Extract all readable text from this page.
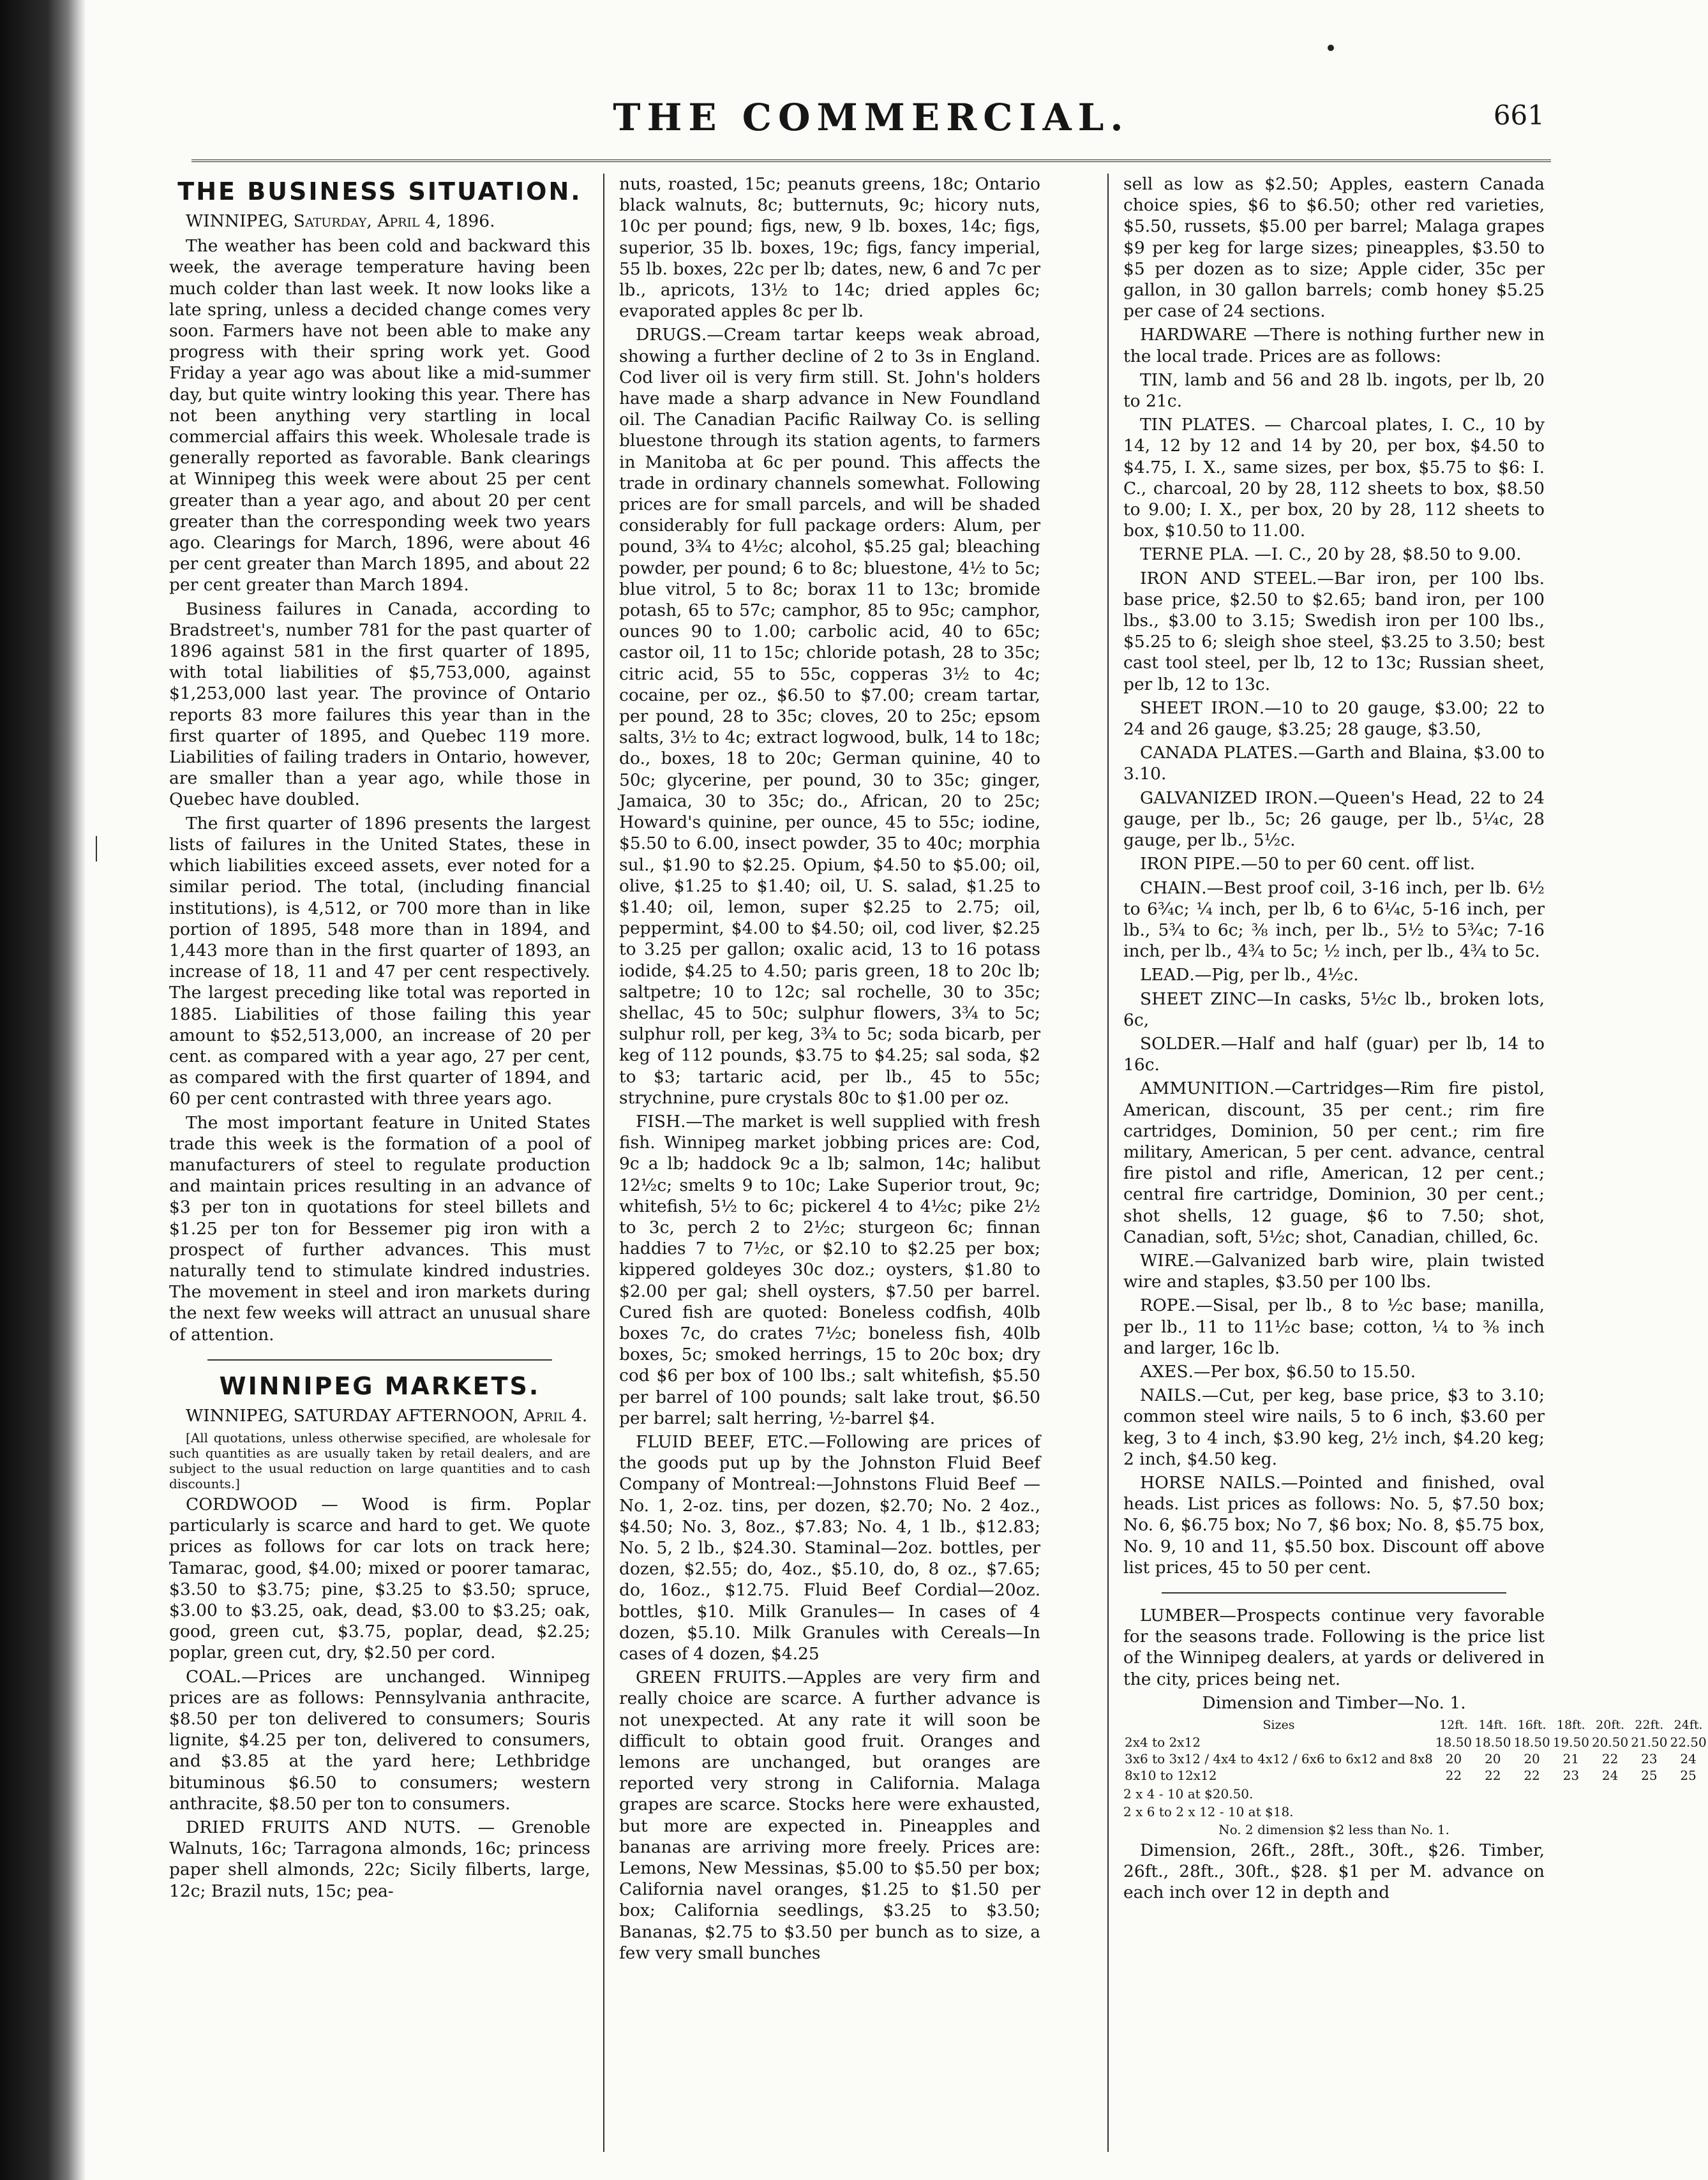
THE COMMERCIAL.	661
THE BUSINESS SITUATION.
WINNIPEG, Saturday, April 4, 1896.

The weather has been cold and backward this week, the average temperature having been much colder than last week. It now looks like a late spring, unless a decided change comes very soon. Farmers have not been able to make any progress with their spring work yet. Good Friday a year ago was about like a mid-summer day, but quite wintry looking this year. There has not been anything very startling in local commercial affairs this week. Wholesale trade is generally reported as favorable. Bank clearings at Winnipeg this week were about 25 per cent greater than a year ago, and about 20 per cent greater than the corresponding week two years ago. Clearings for March, 1896, were about 46 per cent greater than March 1895, and about 22 per cent greater than March 1894.

Business failures in Canada, according to Bradstreet's, number 781 for the past quarter of 1896 against 581 in the first quarter of 1895, with total liabilities of $5,753,000, against $1,253,000 last year. The province of Ontario reports 83 more failures this year than in the first quarter of 1895, and Quebec 119 more. Liabilities of failing traders in Ontario, however, are smaller than a year ago, while those in Quebec have doubled.

The first quarter of 1896 presents the largest lists of failures in the United States, these in which liabilities exceed assets, ever noted for a similar period. The total, (including financial institutions), is 4,512, or 700 more than in like portion of 1895, 548 more than in 1894, and 1,443 more than in the first quarter of 1893, an increase of 18, 11 and 47 per cent respectively. The largest preceding like total was reported in 1885. Liabilities of those failing this year amount to $52,513,000, an increase of 20 per cent. as compared with a year ago, 27 per cent, as compared with the first quarter of 1894, and 60 per cent contrasted with three years ago.

The most important feature in United States trade this week is the formation of a pool of manufacturers of steel to regulate production and maintain prices resulting in an advance of $3 per ton in quotations for steel billets and $1.25 per ton for Bessemer pig iron with a prospect of further advances. This must naturally tend to stimulate kindred industries. The movement in steel and iron markets during the next few weeks will attract an unusual share of attention.

WINNIPEG MARKETS.
WINNIPEG, SATURDAY AFTERNOON, April 4.

[All quotations, unless otherwise specified, are wholesale for such quantities as are usually taken by retail dealers, and are subject to the usual reduction on large quantities and to cash discounts.]

CORDWOOD — Wood is firm. Poplar particularly is scarce and hard to get. We quote prices as follows for car lots on track here; Tamarac, good, $4.00; mixed or poorer tamarac, $3.50 to $3.75; pine, $3.25 to $3.50; spruce, $3.00 to $3.25, oak, dead, $3.00 to $3.25; oak, good, green cut, $3.75, poplar, dead, $2.25; poplar, green cut, dry, $2.50 per cord.

COAL.—Prices are unchanged. Winnipeg prices are as follows: Pennsylvania anthracite, $8.50 per ton delivered to consumers; Souris lignite, $4.25 per ton, delivered to consumers, and $3.85 at the yard here; Lethbridge bituminous $6.50 to consumers; western anthracite, $8.50 per ton to consumers.

DRIED FRUITS AND NUTS. — Grenoble Walnuts, 16c; Tarragona almonds, 16c; princess paper shell almonds, 22c; Sicily filberts, large, 12c; Brazil nuts, 15c; pea-

nuts, roasted, 15c; peanuts greens, 18c; Ontario black walnuts, 8c; butternuts, 9c; hicory nuts, 10c per pound; figs, new, 9 lb. boxes, 14c; figs, superior, 35 lb. boxes, 19c; figs, fancy imperial, 55 lb. boxes, 22c per lb; dates, new, 6 and 7c per lb., apricots, 13½ to 14c; dried apples 6c; evaporated apples 8c per lb.

DRUGS.—Cream tartar keeps weak abroad, showing a further decline of 2 to 3s in England. Cod liver oil is very firm still. St. John's holders have made a sharp advance in New Foundland oil. The Canadian Pacific Railway Co. is selling bluestone through its station agents, to farmers in Manitoba at 6c per pound. This affects the trade in ordinary channels somewhat. Following prices are for small parcels, and will be shaded considerably for full package orders: Alum, per pound, 3¾ to 4½c; alcohol, $5.25 gal; bleaching powder, per pound; 6 to 8c; bluestone, 4½ to 5c; blue vitrol, 5 to 8c; borax 11 to 13c; bromide potash, 65 to 57c; camphor, 85 to 95c; camphor, ounces 90 to 1.00; carbolic acid, 40 to 65c; castor oil, 11 to 15c; chloride potash, 28 to 35c; citric acid, 55 to 55c, copperas 3½ to 4c; cocaine, per oz., $6.50 to $7.00; cream tartar, per pound, 28 to 35c; cloves, 20 to 25c; epsom salts, 3½ to 4c; extract logwood, bulk, 14 to 18c; do., boxes, 18 to 20c; German quinine, 40 to 50c; glycerine, per pound, 30 to 35c; ginger, Jamaica, 30 to 35c; do., African, 20 to 25c; Howard's quinine, per ounce, 45 to 55c; iodine, $5.50 to 6.00, insect powder, 35 to 40c; morphia sul., $1.90 to $2.25. Opium, $4.50 to $5.00; oil, olive, $1.25 to $1.40; oil, U. S. salad, $1.25 to $1.40; oil, lemon, super $2.25 to 2.75; oil, peppermint, $4.00 to $4.50; oil, cod liver, $2.25 to 3.25 per gallon; oxalic acid, 13 to 16 potass iodide, $4.25 to 4.50; paris green, 18 to 20c lb; saltpetre; 10 to 12c; sal rochelle, 30 to 35c; shellac, 45 to 50c; sulphur flowers, 3¾ to 5c; sulphur roll, per keg, 3¾ to 5c; soda bicarb, per keg of 112 pounds, $3.75 to $4.25; sal soda, $2 to $3; tartaric acid, per lb., 45 to 55c; strychnine, pure crystals 80c to $1.00 per oz.

FISH.—The market is well supplied with fresh fish. Winnipeg market jobbing prices are: Cod, 9c a lb; haddock 9c a lb; salmon, 14c; halibut 12½c; smelts 9 to 10c; Lake Superior trout, 9c; whitefish, 5½ to 6c; pickerel 4 to 4½c; pike 2½ to 3c, perch 2 to 2½c; sturgeon 6c; finnan haddies 7 to 7½c, or $2.10 to $2.25 per box; kippered goldeyes 30c doz.; oysters, $1.80 to $2.00 per gal; shell oysters, $7.50 per barrel. Cured fish are quoted: Boneless codfish, 40lb boxes 7c, do crates 7½c; boneless fish, 40lb boxes, 5c; smoked herrings, 15 to 20c box; dry cod $6 per box of 100 lbs.; salt whitefish, $5.50 per barrel of 100 pounds; salt lake trout, $6.50 per barrel; salt herring, ½-barrel $4.

FLUID BEEF, ETC.—Following are prices of the goods put up by the Johnston Fluid Beef Company of Montreal:—Johnstons Fluid Beef —No. 1, 2-oz. tins, per dozen, $2.70; No. 2 4oz., $4.50; No. 3, 8oz., $7.83; No. 4, 1 lb., $12.83; No. 5, 2 lb., $24.30. Staminal—2oz. bottles, per dozen, $2.55; do, 4oz., $5.10, do, 8 oz., $7.65; do, 16oz., $12.75. Fluid Beef Cordial—20oz. bottles, $10. Milk Granules— In cases of 4 dozen, $5.10. Milk Granules with Cereals—In cases of 4 dozen, $4.25

GREEN FRUITS.—Apples are very firm and really choice are scarce. A further advance is not unexpected. At any rate it will soon be difficult to obtain good fruit. Oranges and lemons are unchanged, but oranges are reported very strong in California. Malaga grapes are scarce. Stocks here were exhausted, but more are expected in. Pineapples and bananas are arriving more freely. Prices are: Lemons, New Messinas, $5.00 to $5.50 per box; California navel oranges, $1.25 to $1.50 per box; California seedlings, $3.25 to $3.50; Bananas, $2.75 to $3.50 per bunch as to size, a few very small bunches

sell as low as $2.50; Apples, eastern Canada choice spies, $6 to $6.50; other red varieties, $5.50, russets, $5.00 per barrel; Malaga grapes $9 per keg for large sizes; pineapples, $3.50 to $5 per dozen as to size; Apple cider, 35c per gallon, in 30 gallon barrels; comb honey $5.25 per case of 24 sections.

HARDWARE —There is nothing further new in the local trade. Prices are as follows:

TIN, lamb and 56 and 28 lb. ingots, per lb, 20 to 21c.

TIN PLATES. — Charcoal plates, I. C., 10 by 14, 12 by 12 and 14 by 20, per box, $4.50 to $4.75, I. X., same sizes, per box, $5.75 to $6: I. C., charcoal, 20 by 28, 112 sheets to box, $8.50 to 9.00; I. X., per box, 20 by 28, 112 sheets to box, $10.50 to 11.00.

TERNE PLA. —I. C., 20 by 28, $8.50 to 9.00.

IRON AND STEEL.—Bar iron, per 100 lbs. base price, $2.50 to $2.65; band iron, per 100 lbs., $3.00 to 3.15; Swedish iron per 100 lbs., $5.25 to 6; sleigh shoe steel, $3.25 to 3.50; best cast tool steel, per lb, 12 to 13c; Russian sheet, per lb, 12 to 13c.

SHEET IRON.—10 to 20 gauge, $3.00; 22 to 24 and 26 gauge, $3.25; 28 gauge, $3.50,

CANADA PLATES.—Garth and Blaina, $3.00 to 3.10.

GALVANIZED IRON.—Queen's Head, 22 to 24 gauge, per lb., 5c; 26 gauge, per lb., 5¼c, 28 gauge, per lb., 5½c.

IRON PIPE.—50 to per 60 cent. off list.

CHAIN.—Best proof coil, 3-16 inch, per lb. 6½ to 6¾c; ¼ inch, per lb, 6 to 6¼c, 5-16 inch, per lb., 5¾ to 6c; ⅜ inch, per lb., 5½ to 5¾c; 7-16 inch, per lb., 4¾ to 5c; ½ inch, per lb., 4¾ to 5c.

LEAD.—Pig, per lb., 4½c.

SHEET ZINC—In casks, 5½c lb., broken lots, 6c,

SOLDER.—Half and half (guar) per lb, 14 to 16c.

AMMUNITION.—Cartridges—Rim fire pistol, American, discount, 35 per cent.; rim fire cartridges, Dominion, 50 per cent.; rim fire military, American, 5 per cent. advance, central fire pistol and rifle, American, 12 per cent.; central fire cartridge, Dominion, 30 per cent.; shot shells, 12 guage, $6 to 7.50; shot, Canadian, soft, 5½c; shot, Canadian, chilled, 6c.

WIRE.—Galvanized barb wire, plain twisted wire and staples, $3.50 per 100 lbs.

ROPE.—Sisal, per lb., 8 to ½c base; manilla, per lb., 11 to 11½c base; cotton, ¼ to ⅜ inch and larger, 16c lb.

AXES.—Per box, $6.50 to 15.50.

NAILS.—Cut, per keg, base price, $3 to 3.10; common steel wire nails, 5 to 6 inch, $3.60 per keg, 3 to 4 inch, $3.90 keg, 2½ inch, $4.20 keg; 2 inch, $4.50 keg.

HORSE NAILS.—Pointed and finished, oval heads. List prices as follows: No. 5, $7.50 box; No. 6, $6.75 box; No 7, $6 box; No. 8, $5.75 box, No. 9, 10 and 11, $5.50 box. Discount off above list prices, 45 to 50 per cent.

LUMBER—Prospects continue very favorable for the seasons trade. Following is the price list of the Winnipeg dealers, at yards or delivered in the city, prices being net.

Dimension and Timber—No. 1.

Sizes	12ft.	14ft.	16ft.	18ft.	20ft.	22ft.	24ft.
2x4 to 2x12	18.50	18.50	18.50	19.50	20.50	21.50	22.50
3x6 to 3x12 / 4x4 to 4x12 / 6x6 to 6x12 and 8x8	20	20	20	21	22	23	24
8x10 to 12x12	22	22	22	23	24	25	25

2 x 4 - 10 at $20.50.

2 x 6 to 2 x 12 - 10 at $18.

No. 2 dimension $2 less than No. 1.

Dimension, 26ft., 28ft., 30ft., $26. Timber, 26ft., 28ft., 30ft., $28. $1 per M. advance on each inch over 12 in depth and
